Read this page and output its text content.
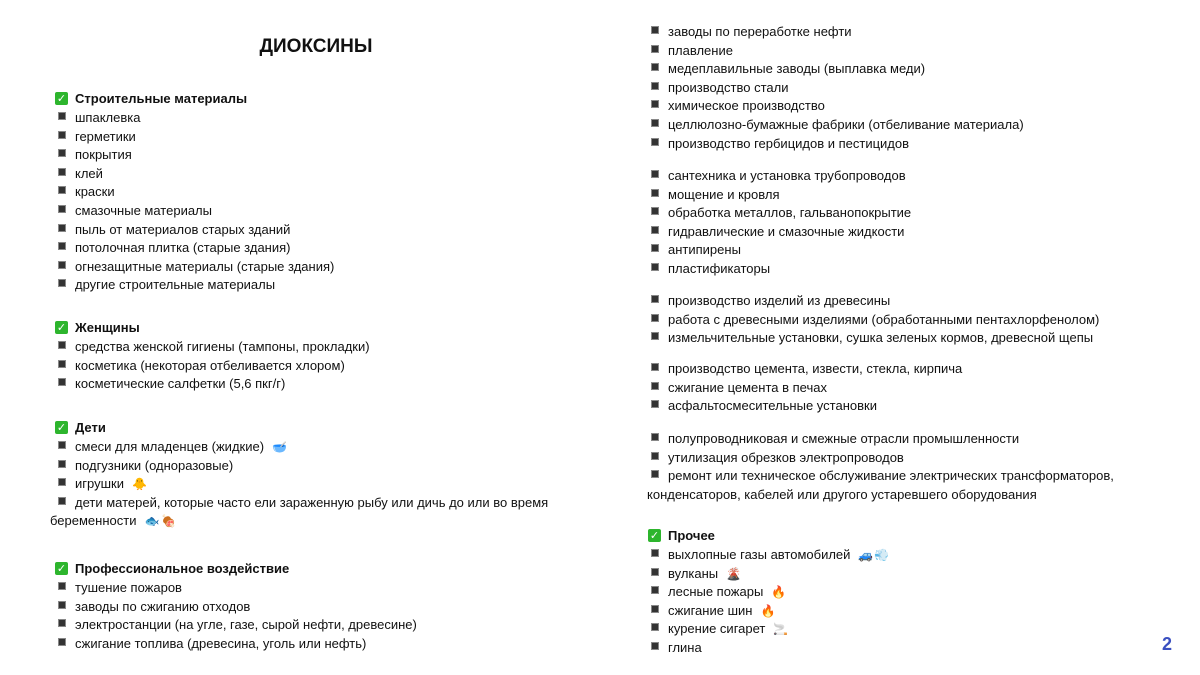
ДИОКСИНЫ
✓ Строительные материалы
шпаклевка
герметики
покрытия
клей
краски
смазочные материалы
пыль от материалов старых зданий
потолочная плитка (старые здания)
огнезащитные материалы (старые здания)
другие строительные материалы
✓ Женщины
средства женской гигиены (тампоны, прокладки)
косметика (некоторая отбеливается хлором)
косметические салфетки (5,6 пкг/г)
✓ Дети
смеси для младенцев (жидкие) 🥣
подгузники (одноразовые)
игрушки 🐥
дети матерей, которые часто ели зараженную рыбу или дичь до или во время
беременности 🐟 🍖
✓ Профессиональное воздействие
тушение пожаров
заводы по сжиганию отходов
электростанции (на угле, газе, сырой нефти, древесине)
сжигание топлива (древесина, уголь или нефть)
заводы по переработке нефти
плавление
медеплавильные заводы (выплавка меди)
производство стали
химическое производство
целлюлозно-бумажные фабрики (отбеливание материала)
производство гербицидов и пестицидов
сантехника и установка трубопроводов
мощение и кровля
обработка металлов, гальванопокрытие
гидравлические и смазочные жидкости
антипирены
пластификаторы
производство изделий из древесины
работа с древесными изделиями (обработанными пентахлорфенолом)
измельчительные установки, сушка зеленых кормов, древесной щепы
производство цемента, извести, стекла, кирпича
сжигание цемента в печах
асфальтосмесительные установки
полупроводниковая и смежные отрасли промышленности
утилизация обрезков электропроводов
ремонт или техническое обслуживание электрических трансформаторов,
конденсаторов, кабелей или другого устаревшего оборудования
✓ Прочее
выхлопные газы автомобилей 🚙💨
вулканы 🌋
лесные пожары 🔥
сжигание шин 🔥
курение сигарет 🚬
глина	2
